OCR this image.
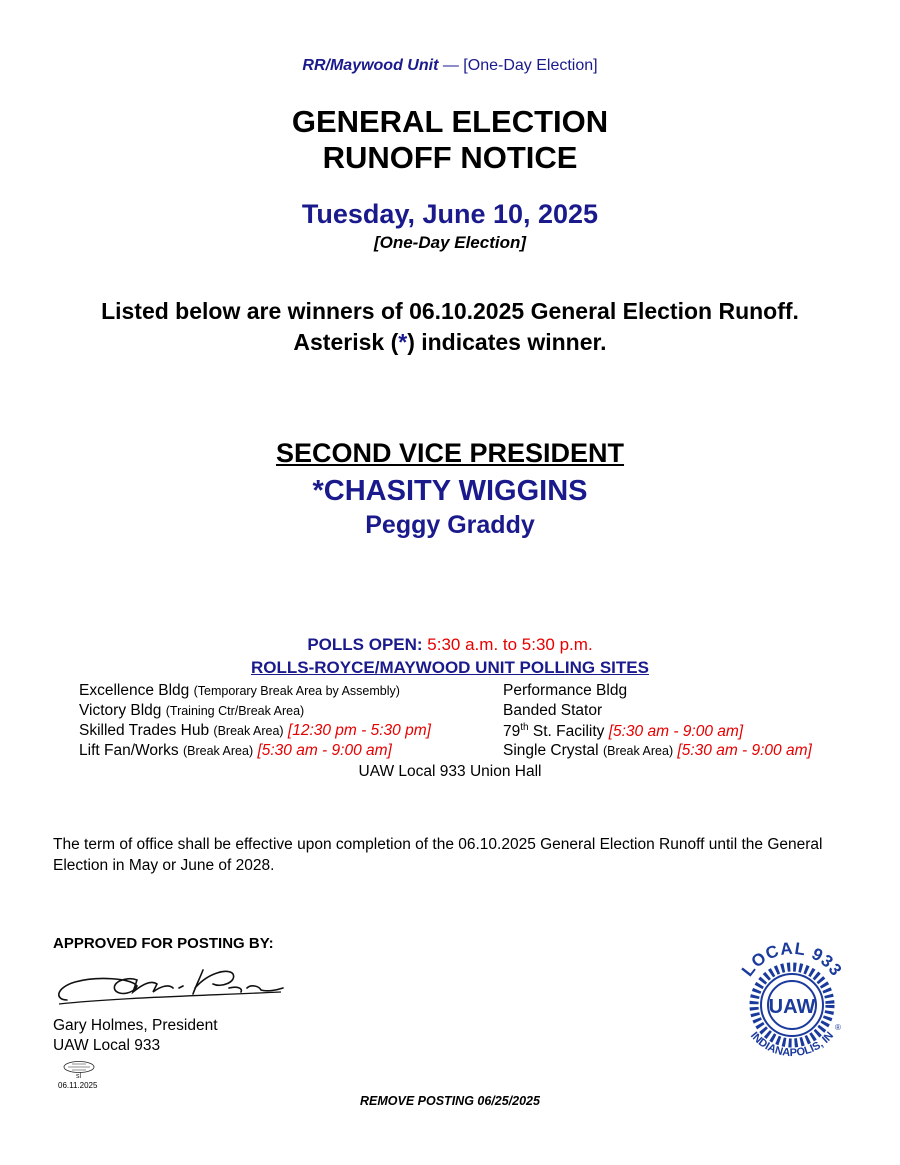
RR/Maywood Unit — [One-Day Election]
GENERAL ELECTION
RUNOFF NOTICE
Tuesday, June 10, 2025
[One-Day Election]
Listed below are winners of 06.10.2025 General Election Runoff.
Asterisk (*) indicates winner.
SECOND VICE PRESIDENT
*CHASITY WIGGINS
Peggy Graddy
POLLS OPEN: 5:30 a.m. to 5:30 p.m.
ROLLS-ROYCE/MAYWOOD UNIT POLLING SITES
Excellence Bldg (Temporary Break Area by Assembly)	Performance Bldg
Victory Bldg (Training Ctr/Break Area)	Banded Stator
Skilled Trades Hub (Break Area) [12:30 pm - 5:30 pm]	79th St. Facility [5:30 am - 9:00 am]
Lift Fan/Works (Break Area) [5:30 am - 9:00 am]	Single Crystal (Break Area) [5:30 am - 9:00 am]
UAW Local 933 Union Hall
The term of office shall be effective upon completion of the 06.10.2025 General Election Runoff until the General Election in May or June of 2028.
APPROVED FOR POSTING BY:
Gary Holmes, President
UAW Local 933
sl
06.11.2025
UAW
LOCAL 933
INDIANAPOLIS, IN
®
REMOVE POSTING 06/25/2025
